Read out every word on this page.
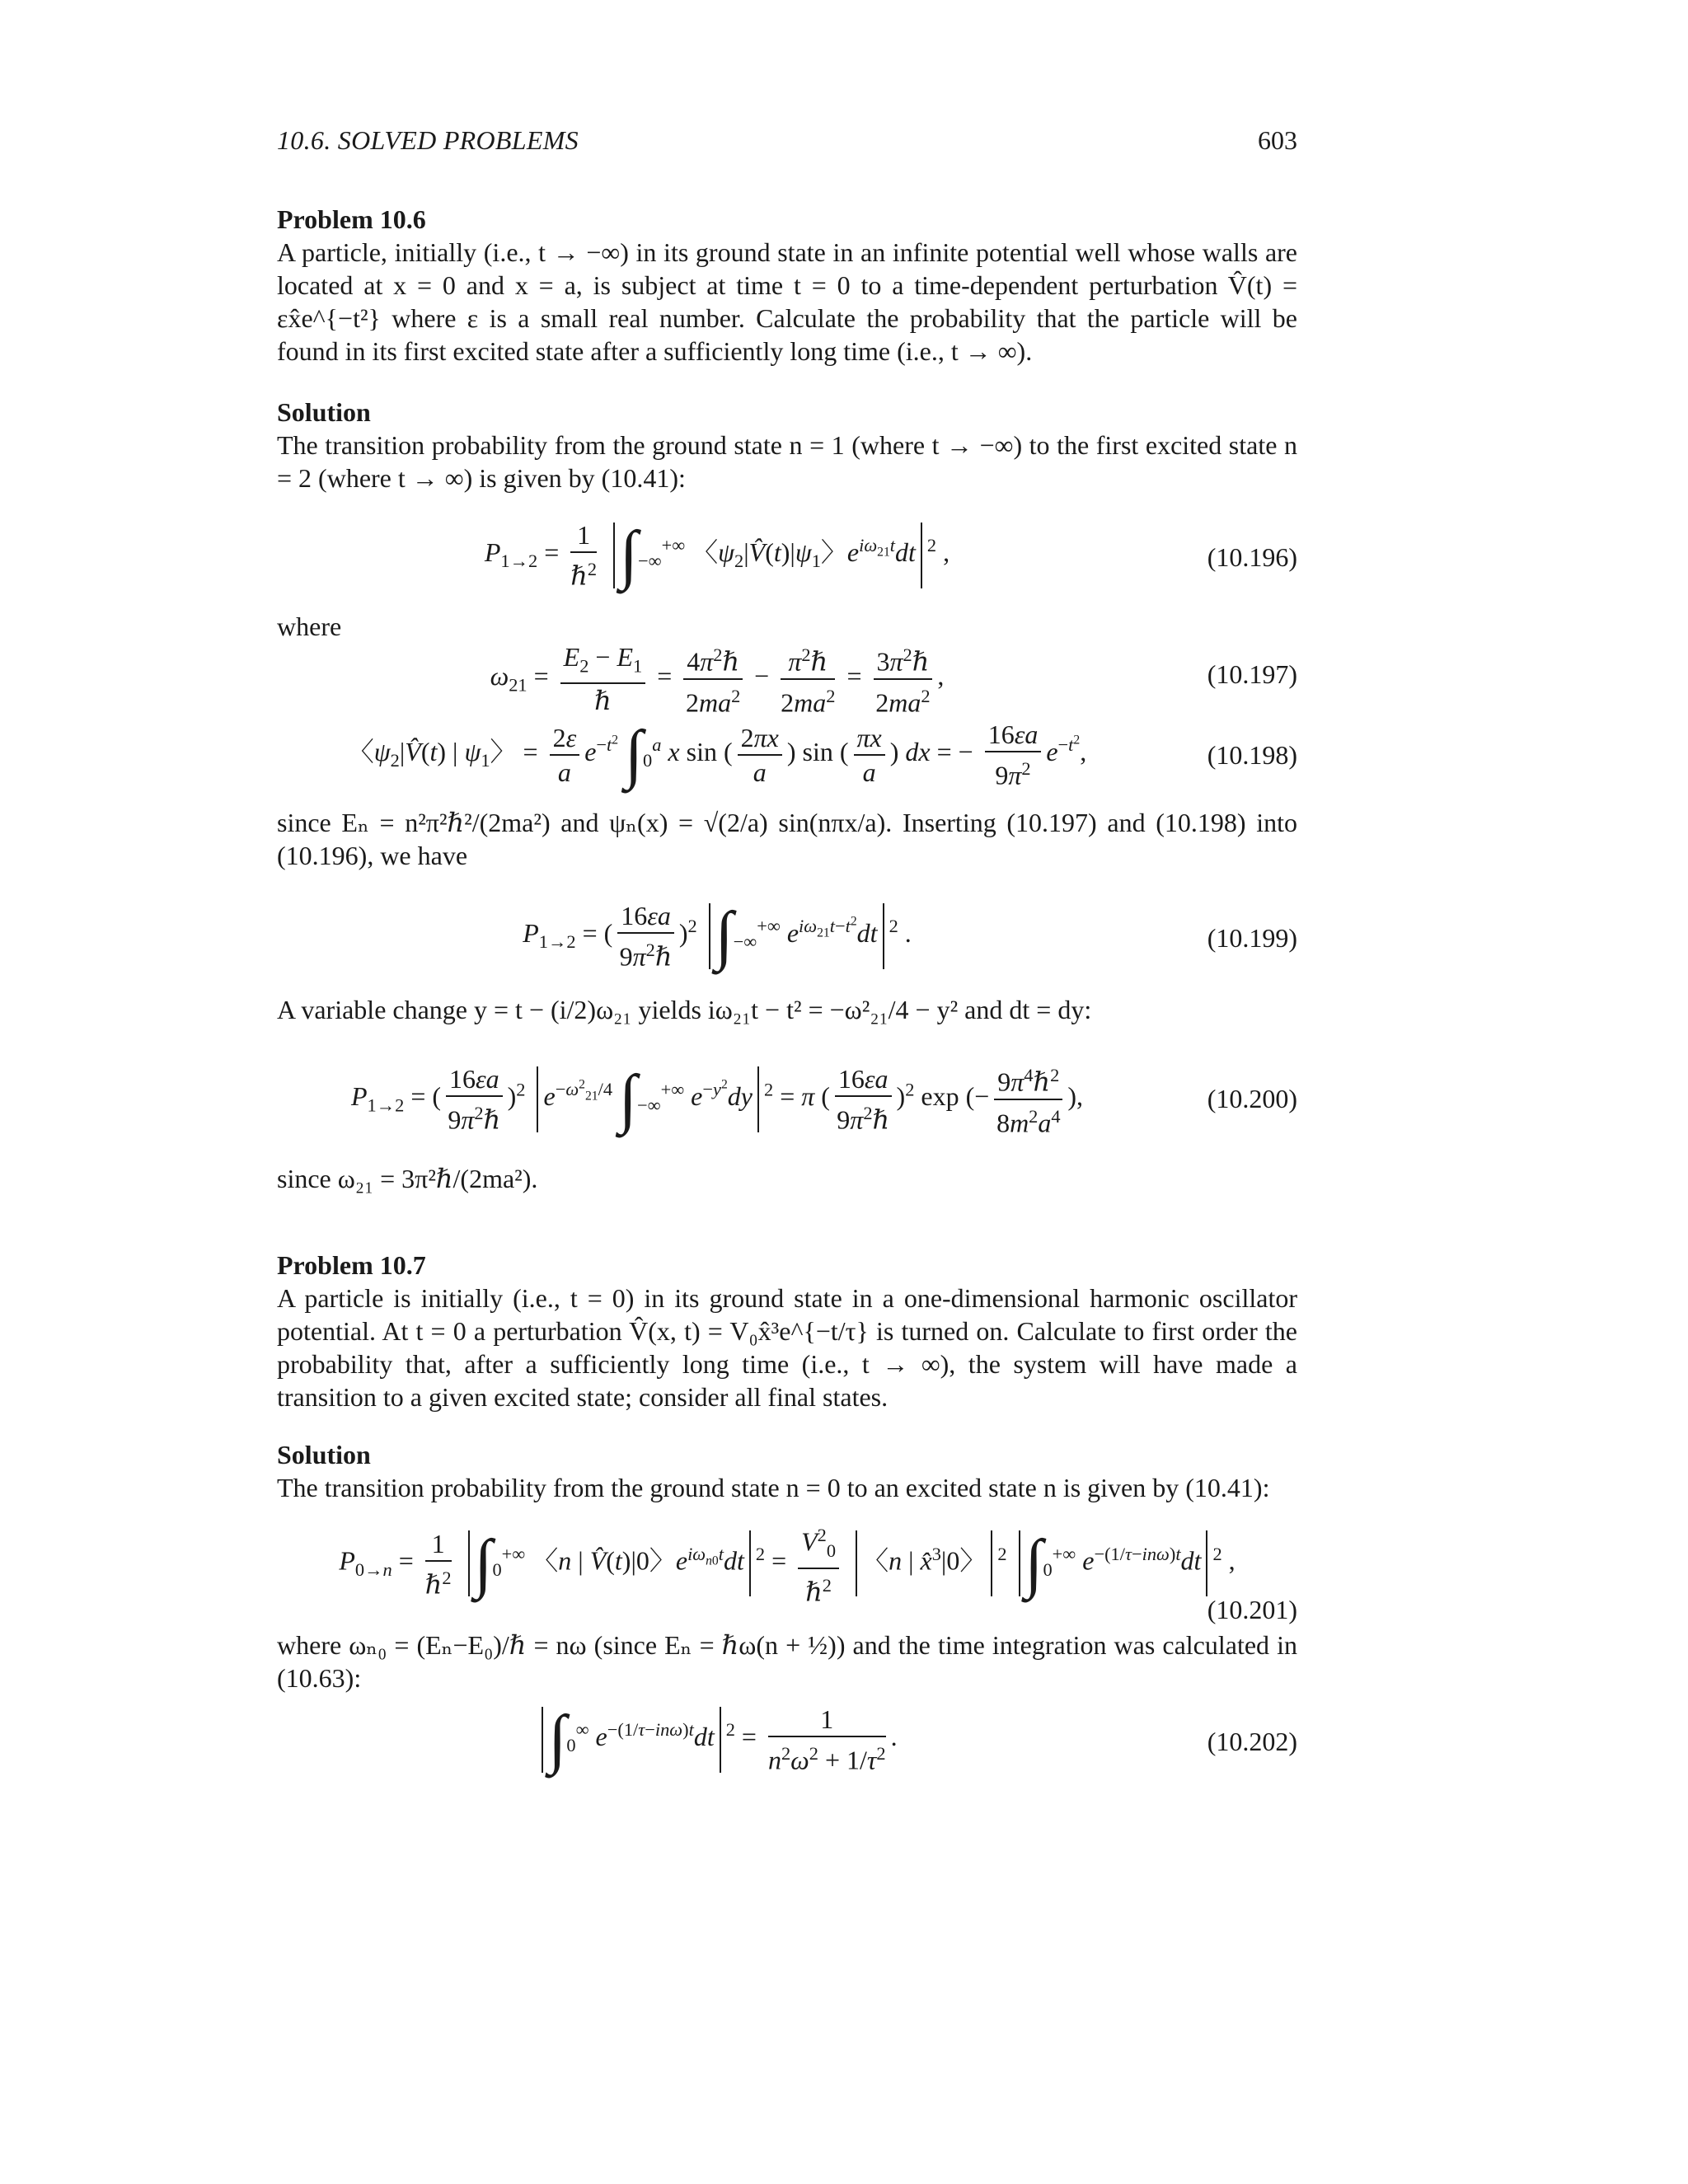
10.6. SOLVED PROBLEMS	603
Problem 10.6
A particle, initially (i.e., t → −∞) in its ground state in an infinite potential well whose walls are located at x = 0 and x = a, is subject at time t = 0 to a time-dependent perturbation V̂(t) = εx̂e^{−t²} where ε is a small real number. Calculate the probability that the particle will be found in its first excited state after a sufficiently long time (i.e., t → ∞).
Solution
The transition probability from the ground state n = 1 (where t → −∞) to the first excited state n = 2 (where t → ∞) is given by (10.41):
$P_{1\to 2} = \frac{1}{\hbar^2} \int_{-\infty}^{+\infty}$ 〈$\psi_2|V̂(t)|\psi_1$〉$e^{i\omega_{21}t}dt$ $^2$ ,	(10.196)
where
$\omega_{21} = \frac{E_2 - E_1}{\text{ℏ}} = \frac{4\pi^2\hbar}{2ma^2} - \frac{\pi^2\hbar}{2ma^2} = \frac{3\pi^2\hbar}{2ma^2}$ ,	(10.197)
〈$\psi_2|V̂(t)$ | $\psi_1$〉 = $\frac{2\varepsilon}{a} e^{-t^2}$ $\int_0^a$ x sin ( $\frac{2\pi x}{a}$ ) sin ( $\frac{\pi x}{a}$ ) dx = − $\frac{16\varepsilon a}{9\pi^2} e^{-t^2}$,	(10.198)
since Eₙ = n²π²ℏ²/(2ma²) and ψₙ(x) = √(2/a) sin(nπx/a). Inserting (10.197) and (10.198) into (10.196), we have
$P_{1\to 2}$ = ( $\frac{16\varepsilon a}{9\pi^2\hbar} )^2$ $\int_{-\infty}^{+\infty}$ $e^{i\omega_{21}t-t^2}dt$ $^2$ .	(10.199)
A variable change y = t − (i/2)ω₂₁ yields iω₂₁t − t² = −ω²₂₁/4 − y² and dt = dy:
$P_{1\to 2}$ = ( $\frac{16\varepsilon a}{9\pi^2\hbar} )^2$ $e^{-\omega^2_{21}/4}$ $\int_{-\infty}^{+\infty}$ $e^{-y^2}dy$ $^2$ = π ( $\frac{16\varepsilon a}{9\pi^2\hbar} )^2$ exp (− $\frac{9\pi^4\hbar^2}{8m^2a^4}$ ),	(10.200)
since ω₂₁ = 3π²ℏ/(2ma²).
Problem 10.7
A particle is initially (i.e., t = 0) in its ground state in a one-dimensional harmonic oscillator potential. At t = 0 a perturbation V̂(x, t) = V₀x̂³e^{−t/τ} is turned on. Calculate to first order the probability that, after a sufficiently long time (i.e., t → ∞), the system will have made a transition to a given excited state; consider all final states.
Solution
The transition probability from the ground state n = 0 to an excited state n is given by (10.41):
$P_{0\to n} = \frac{1}{\hbar^2} \int_0^{+\infty}$ 〈n | V̂(t)|0〉$e^{i\omega_{n0}t}dt$ $^2 = \frac{V^2_0}{\hbar^2}$ 〈n | x̂$^3$|0〉 $^2$ $\int_0^{+\infty}$ $e^{-(1/\tau-in\omega)t}dt$ $^2$ ,
(10.201)
where ωₙ₀ = (Eₙ−E₀)/ℏ = nω (since Eₙ = ℏω(n + ½)) and the time integration was calculated in (10.63):
$\int_0^\infty$ $e^{-(1/\tau-in\omega)t}dt$ $^2 = \frac{1}{n^2\omega^2 + 1/\tau^2}$ .	(10.202)
